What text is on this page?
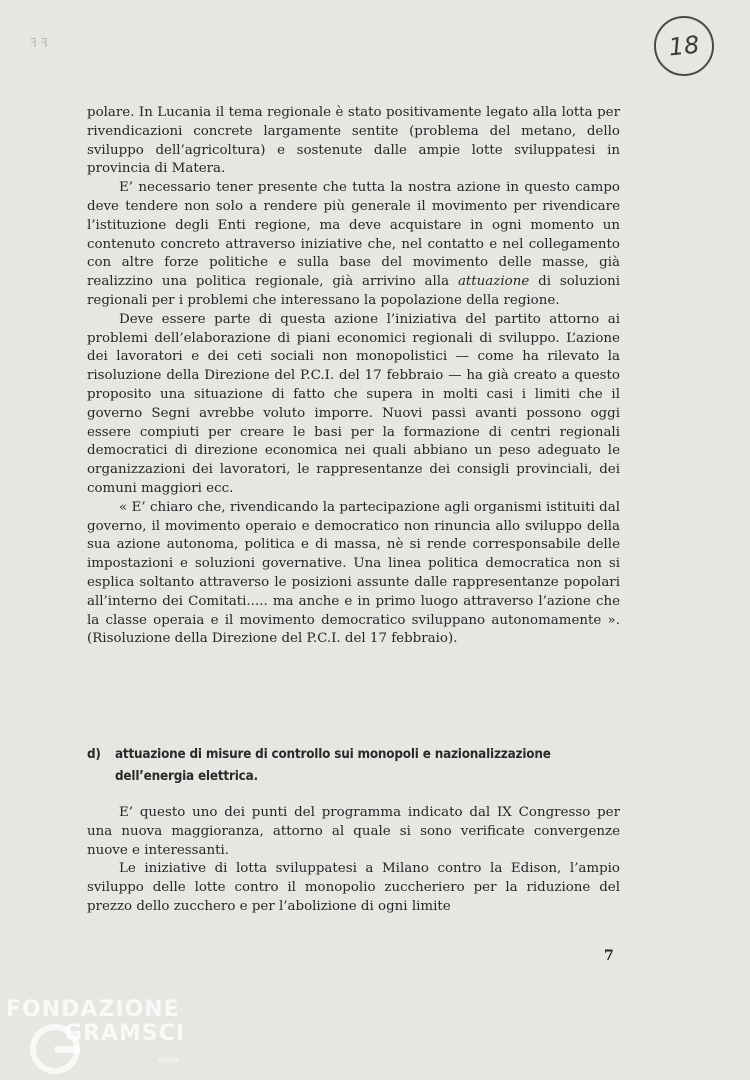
ꟻ ꟻ	18

polare. In Lucania il tema regionale è stato positivamente legato alla lotta per rivendicazioni concrete largamente sentite (problema del metano, dello sviluppo dell’agricoltura) e sostenute dalle ampie lotte sviluppatesi in provincia di Matera.

E’ necessario tener presente che tutta la nostra azione in questo campo deve tendere non solo a rendere più generale il movimento per rivendicare l’istituzione degli Enti regione, ma deve acquistare in ogni momento un contenuto concreto attraverso iniziative che, nel contatto e nel collegamento con altre forze politiche e sulla base del movimento delle masse, già realizzino una politica regionale, già arrivino alla attuazione di soluzioni regionali per i problemi che interessano la popolazione della regione.

Deve essere parte di questa azione l’iniziativa del partito attorno ai problemi dell’elaborazione di piani economici regionali di sviluppo. L’azione dei lavoratori e dei ceti sociali non monopolistici — come ha rilevato la risoluzione della Direzione del P.C.I. del 17 febbraio — ha già creato a questo proposito una situazione di fatto che supera in molti casi i limiti che il governo Segni avrebbe voluto imporre. Nuovi passi avanti possono oggi essere compiuti per creare le basi per la formazione di centri regionali democratici di direzione economica nei quali abbiano un peso adeguato le organizzazioni dei lavoratori, le rappresentanze dei consigli provinciali, dei comuni maggiori ecc.

« E’ chiaro che, rivendicando la partecipazione agli organismi istituiti dal governo, il movimento operaio e democratico non rinuncia allo sviluppo della sua azione autonoma, politica e di massa, nè si rende corresponsabile delle impostazioni e soluzioni governative. Una linea politica democratica non si esplica soltanto attraverso le posizioni assunte dalle rappresentanze popolari all’interno dei Comitati..... ma anche e in primo luogo attraverso l’azione che la classe operaia e il movimento democratico sviluppano autonomamente ». (Risoluzione della Direzione del P.C.I. del 17 febbraio).

d) attuazione di misure di controllo sui monopoli e nazionalizzazione
dell’energia elettrica.

E’ questo uno dei punti del programma indicato dal IX Congresso per una nuova maggioranza, attorno al quale si sono verificate convergenze nuove e interessanti.

Le iniziative di lotta sviluppatesi a Milano contro la Edison, l’ampio sviluppo delle lotte contro il monopolio zuccheriero per la riduzione del prezzo dello zucchero e per l’abolizione di ogni limite

7
FONDAZIONE
GRAMSCI
onlus
